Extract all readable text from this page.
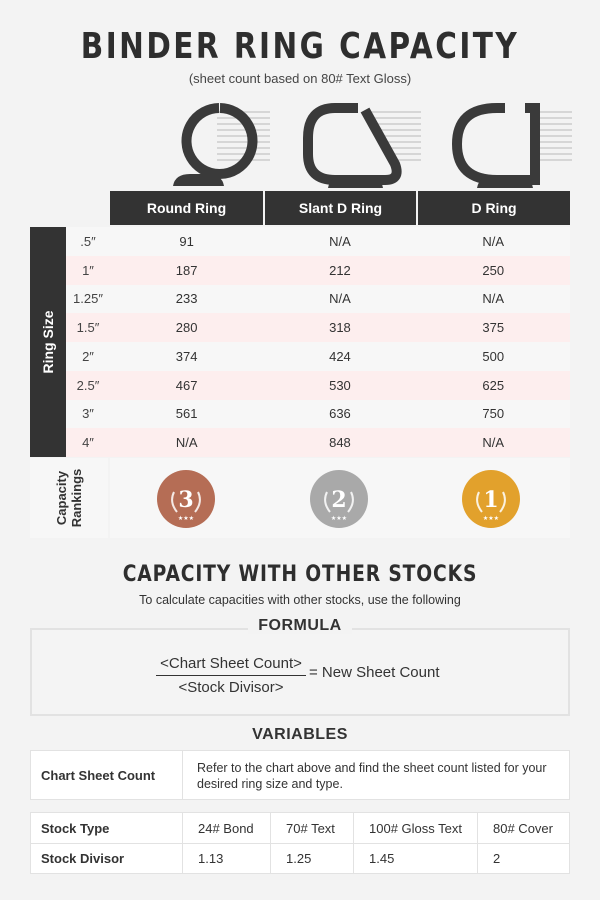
BINDER RING CAPACITY
(sheet count based on 80# Text Gloss)
Round Ring	Slant D Ring	D Ring
Ring Size
.5″	91	N/A	N/A
1″	187	212	250
1.25″	233	N/A	N/A
1.5″	280	318	375
2″	374	424	500
2.5″	467	530	625
3″	561	636	750
4″	N/A	848	N/A
Capacity
Rankings	3
★★★
2
★★★
1
★★★
CAPACITY WITH OTHER STOCKS
To calculate capacities with other stocks, use the following
FORMULA
<Chart Sheet Count>
<Stock Divisor>
= New Sheet Count
VARIABLES
Chart Sheet Count	Refer to the chart above and find the sheet count listed for your desired ring size and type.
Stock Type	24# Bond	70# Text	100# Gloss Text	80# Cover
Stock Divisor	1.13	1.25	1.45	2
